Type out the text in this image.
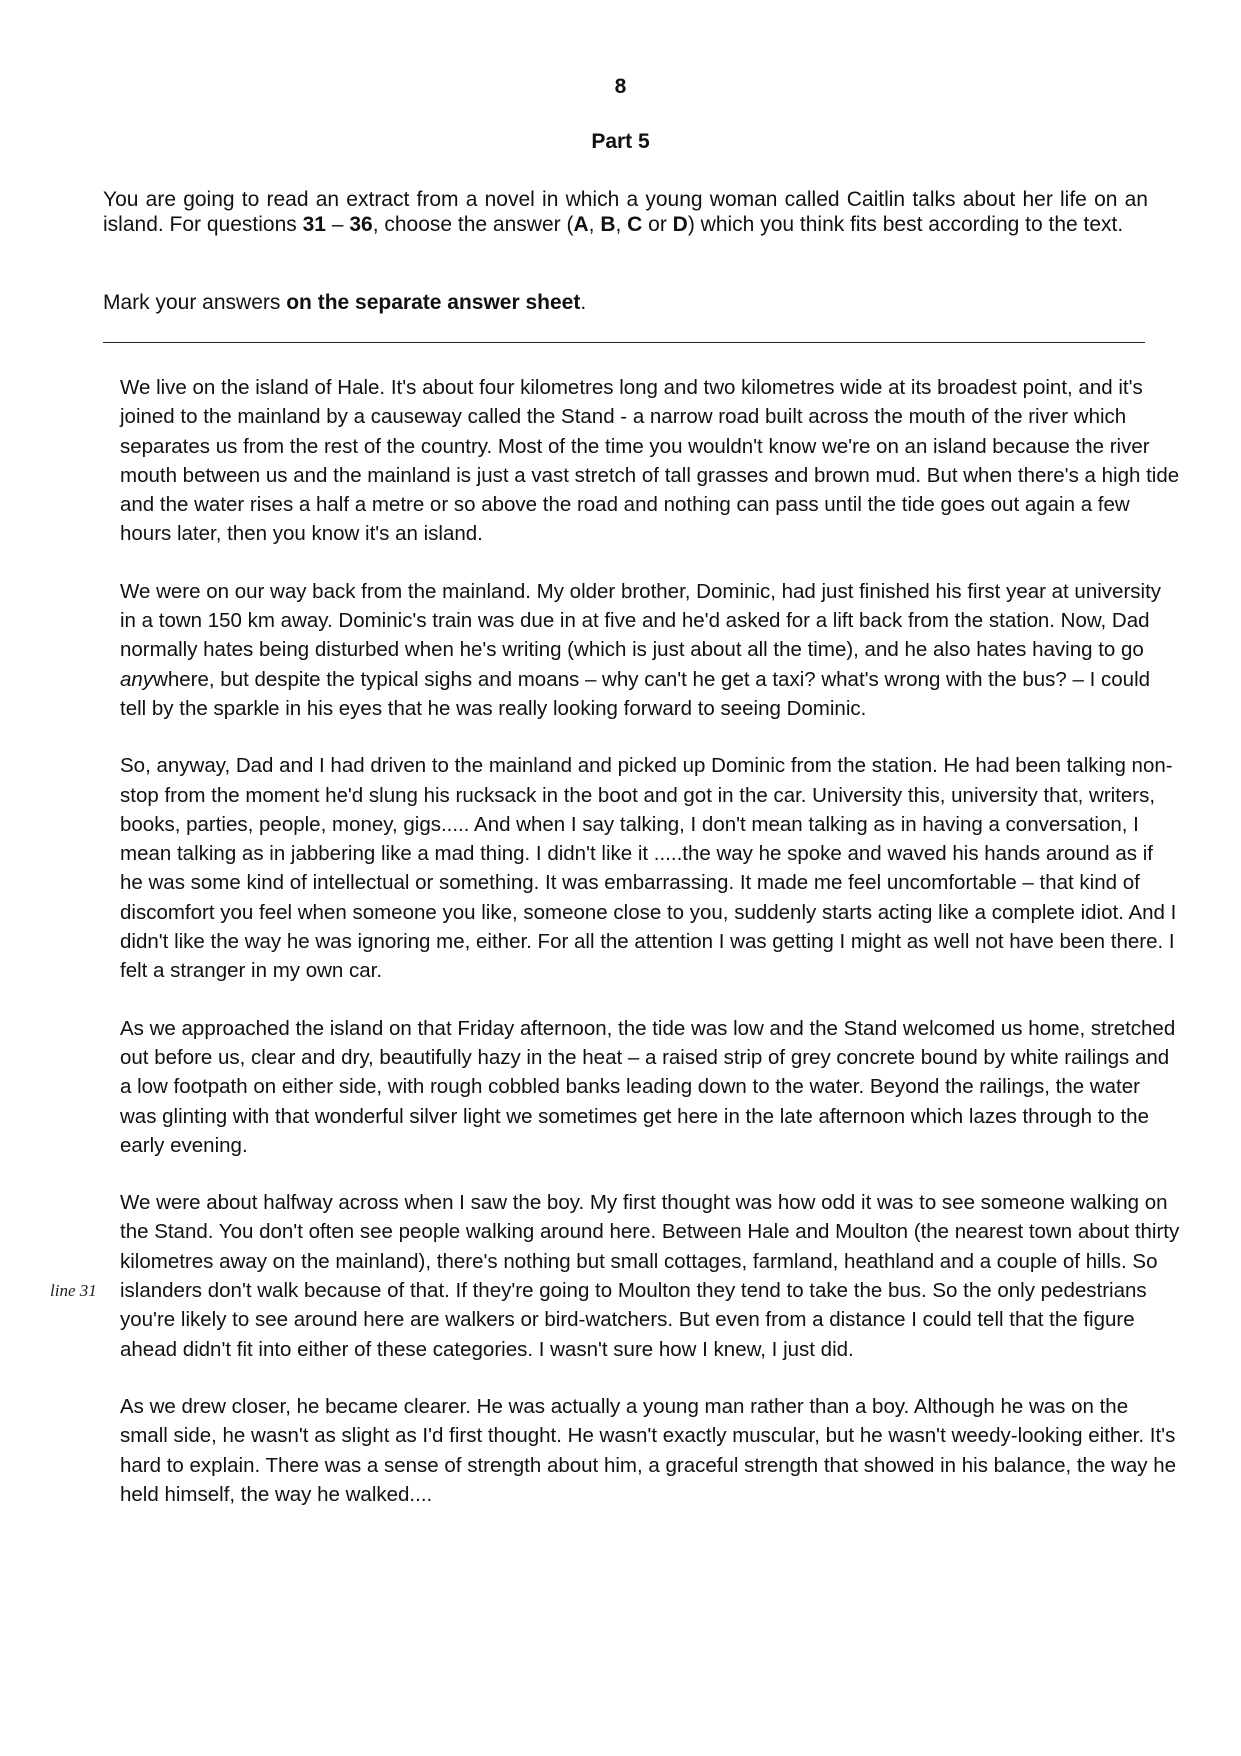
8
Part 5

You are going to read an extract from a novel in which a young woman called Caitlin talks about her life on an island. For questions 31 – 36, choose the answer (A, B, C or D) which you think fits best according to the text.

Mark your answers on the separate answer sheet.

We live on the island of Hale. It's about four kilometres long and two kilometres wide at its broadest point, and it's joined to the mainland by a causeway called the Stand - a narrow road built across the mouth of the river which separates us from the rest of the country. Most of the time you wouldn't know we're on an island because the river mouth between us and the mainland is just a vast stretch of tall grasses and brown mud. But when there's a high tide and the water rises a half a metre or so above the road and nothing can pass until the tide goes out again a few hours later, then you know it's an island.

We were on our way back from the mainland. My older brother, Dominic, had just finished his first year at university in a town 150 km away. Dominic's train was due in at five and he'd asked for a lift back from the station. Now, Dad normally hates being disturbed when he's writing (which is just about all the time), and he also hates having to go anywhere, but despite the typical sighs and moans – why can't he get a taxi? what's wrong with the bus? – I could tell by the sparkle in his eyes that he was really looking forward to seeing Dominic.

So, anyway, Dad and I had driven to the mainland and picked up Dominic from the station. He had been talking non-stop from the moment he'd slung his rucksack in the boot and got in the car. University this, university that, writers, books, parties, people, money, gigs..... And when I say talking, I don't mean talking as in having a conversation, I mean talking as in jabbering like a mad thing. I didn't like it .....the way he spoke and waved his hands around as if he was some kind of intellectual or something. It was embarrassing. It made me feel uncomfortable – that kind of discomfort you feel when someone you like, someone close to you, suddenly starts acting like a complete idiot. And I didn't like the way he was ignoring me, either. For all the attention I was getting I might as well not have been there. I felt a stranger in my own car.

As we approached the island on that Friday afternoon, the tide was low and the Stand welcomed us home, stretched out before us, clear and dry, beautifully hazy in the heat – a raised strip of grey concrete bound by white railings and a low footpath on either side, with rough cobbled banks leading down to the water. Beyond the railings, the water was glinting with that wonderful silver light we sometimes get here in the late afternoon which lazes through to the early evening.

line 31
We were about halfway across when I saw the boy. My first thought was how odd it was to see someone walking on the Stand. You don't often see people walking around here. Between Hale and Moulton (the nearest town about thirty kilometres away on the mainland), there's nothing but small cottages, farmland, heathland and a couple of hills. So islanders don't walk because of that. If they're going to Moulton they tend to take the bus. So the only pedestrians you're likely to see around here are walkers or bird-watchers. But even from a distance I could tell that the figure ahead didn't fit into either of these categories. I wasn't sure how I knew, I just did.

As we drew closer, he became clearer. He was actually a young man rather than a boy. Although he was on the small side, he wasn't as slight as I'd first thought. He wasn't exactly muscular, but he wasn't weedy-looking either. It's hard to explain. There was a sense of strength about him, a graceful strength that showed in his balance, the way he held himself, the way he walked....
